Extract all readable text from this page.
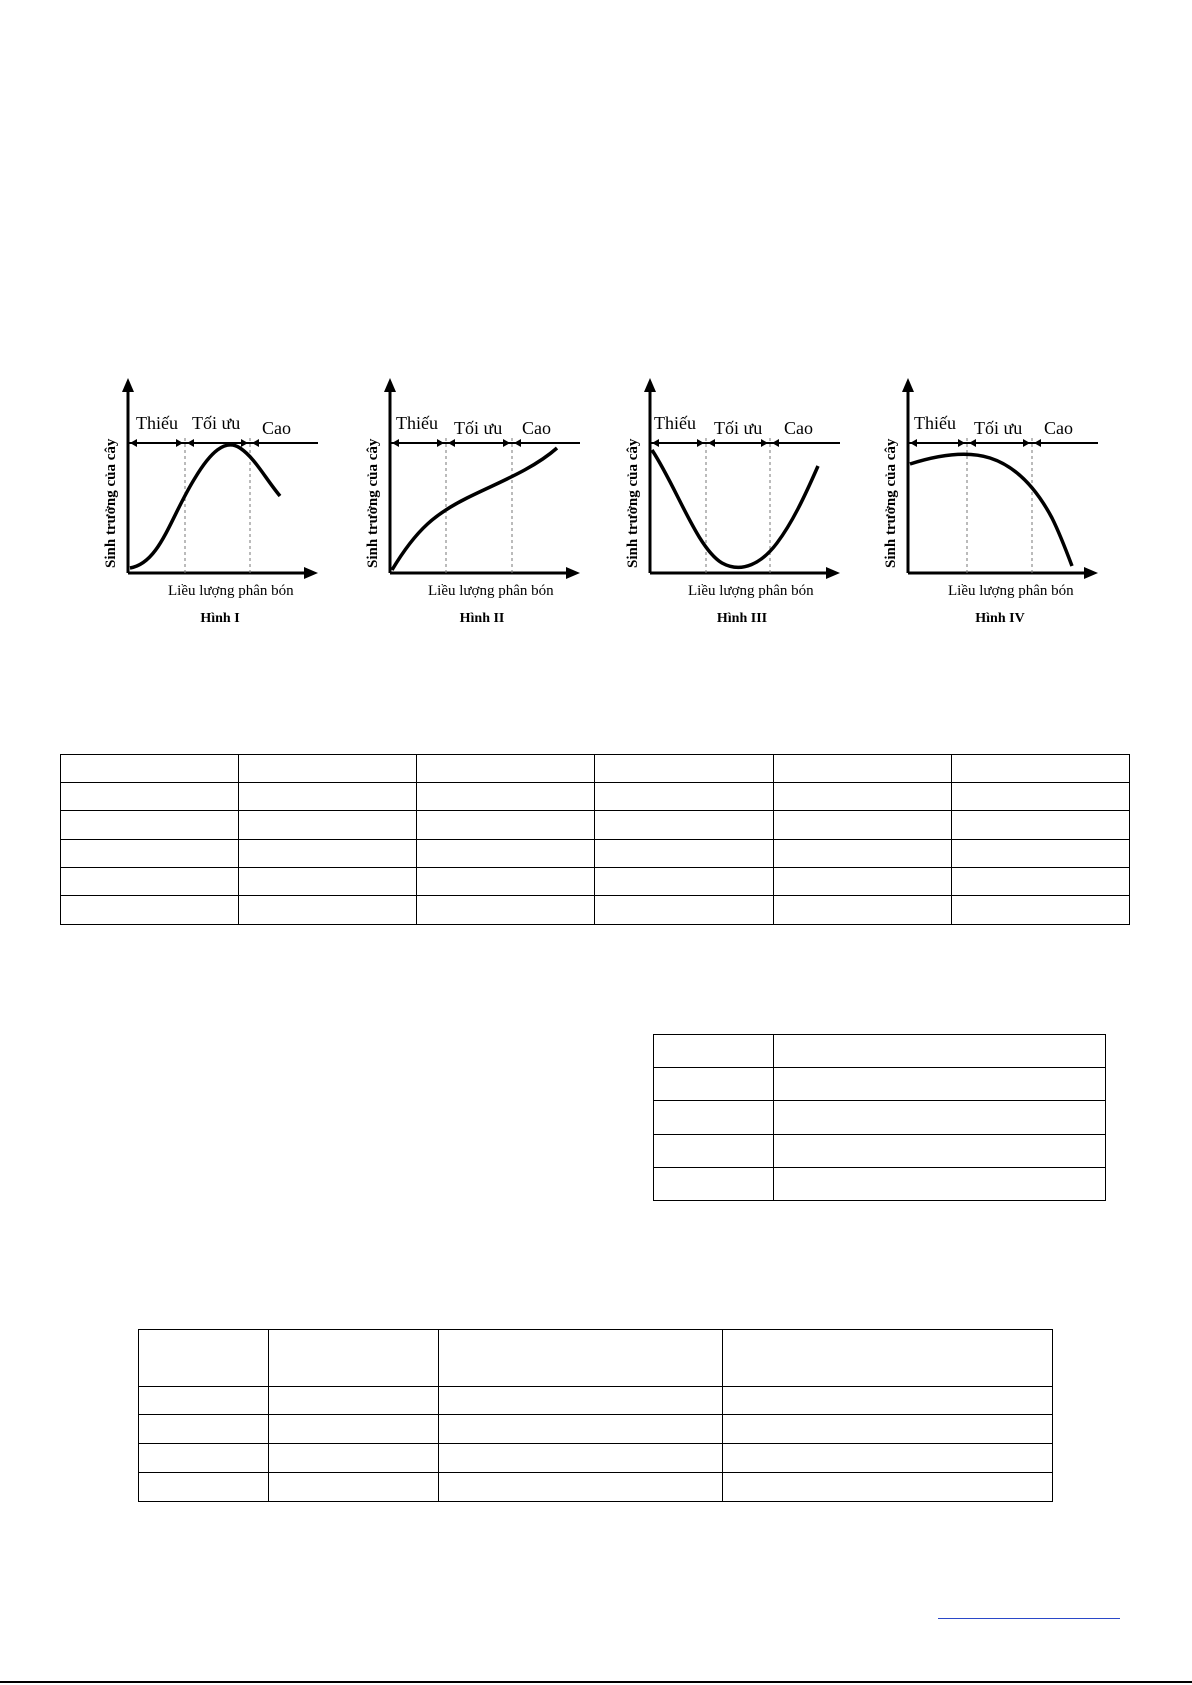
Thiếu Tối ưu Cao
Sinh trưởng của cây
Liều lượng phân bón
Hình I
Thiếu Tối ưu Cao
Sinh trưởng của cây
Liều lượng phân bón
Hình II
Thiếu Tối ưu Cao
Sinh trưởng của cây
Liều lượng phân bón
Hình III
Thiếu Tối ưu Cao
Sinh trưởng của cây
Liều lượng phân bón
Hình IV
